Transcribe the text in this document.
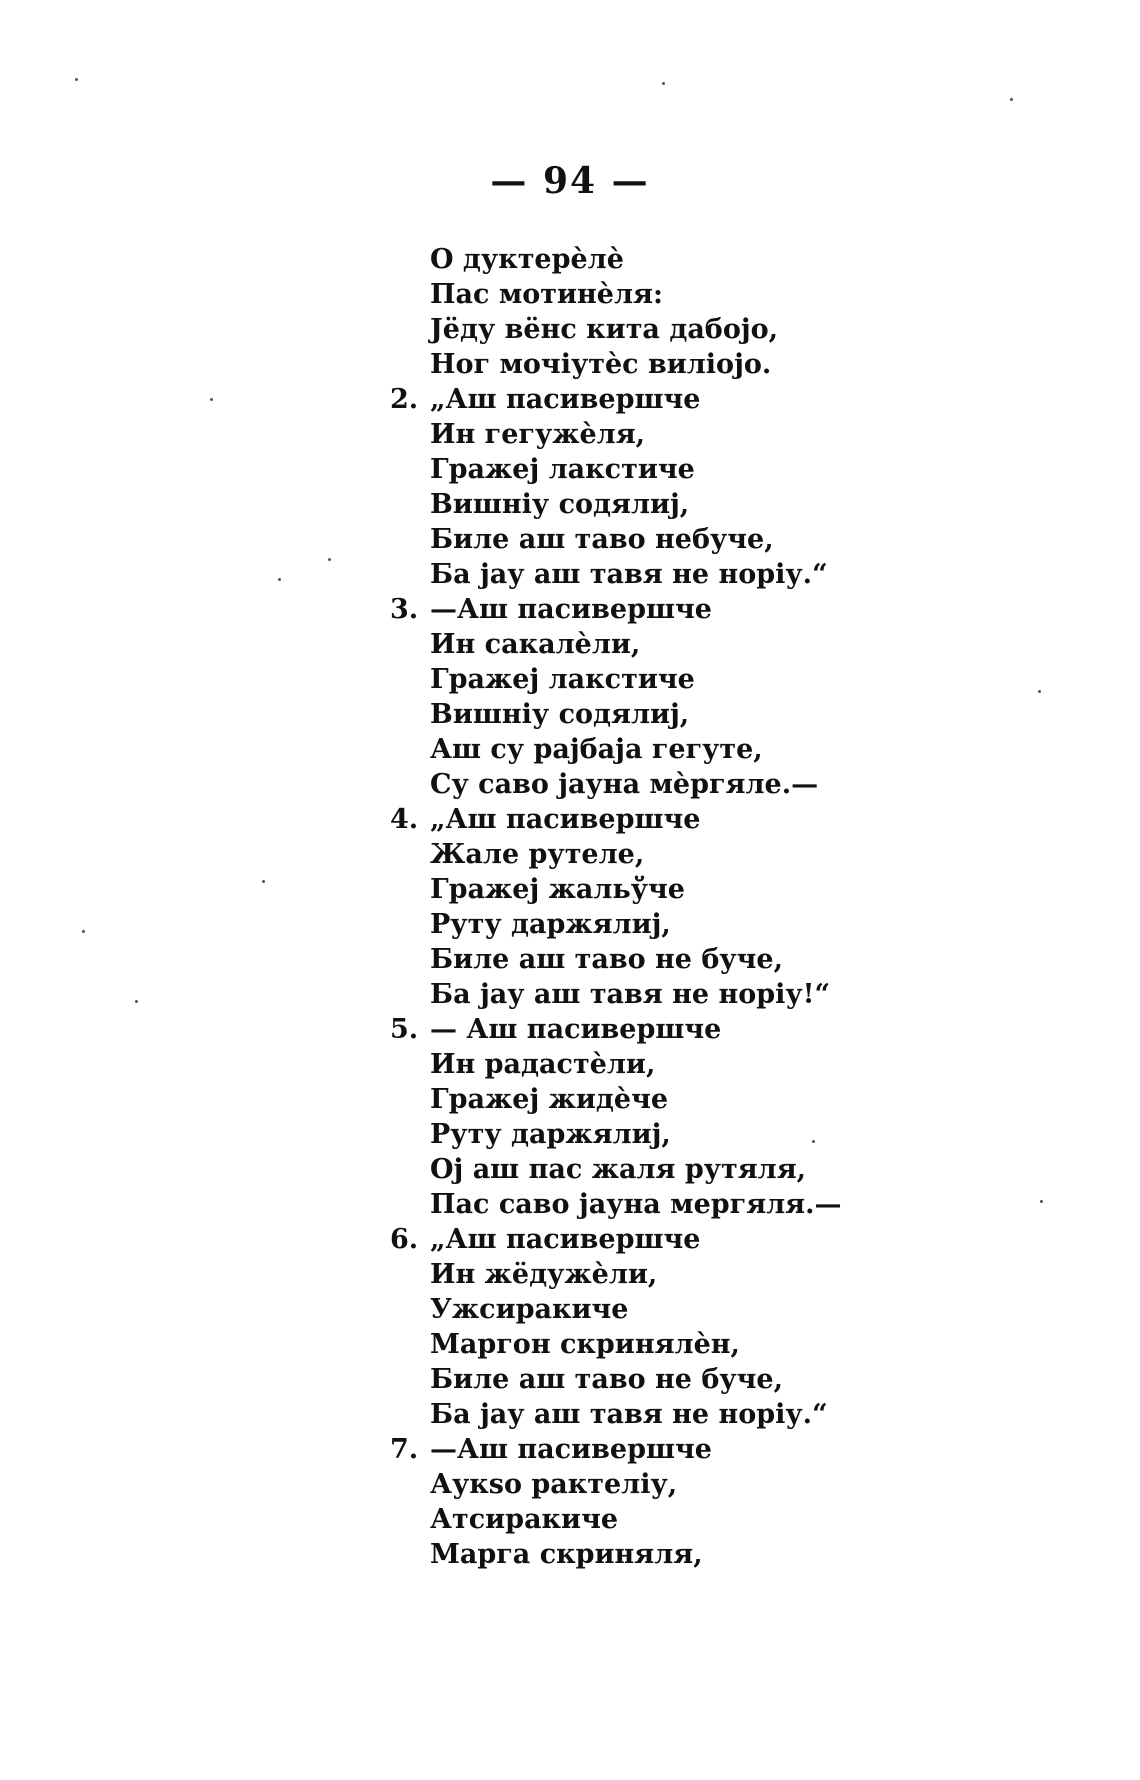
— 94 —
О дуктерѐлѐ
Пас мотинѐля:
Јёду вёнс кита дабојо,
Ног мочіутѐс виліојо.
2. „Аш пасивершче
Ин гегужѐля,
Гражеј лакстиче
Вишніу содялиј,
Биле аш таво небуче,
Ба јау аш тавя не норіу.“
3. —Аш пасивершче
Ин сакалѐли,
Гражеј лакстиче
Вишніу содялиј,
Аш су рајбаја гегуте,
Су саво јауна мѐргяле.—
4. „Аш пасивершче
Жале рутеле,
Гражеј жальўче
Руту даржялиј,
Биле аш таво не буче,
Ба јау аш тавя не норіу!“
5. — Аш пасивершче
Ин радастѐли,
Гражеј жидѐче
Руту даржялиј,
Ој аш пас жаля рутяля,
Пас саво јауна мергяля.—
6. „Аш пасивершче
Ин жёдужѐли,
Ужсиракиче
Маргон скринялѐн,
Биле аш таво не буче,
Ба јау аш тавя не норіу.“
7. —Аш пасивершче
Аукѕо рактеліу,
Атсиракиче
Марга скриняля,
